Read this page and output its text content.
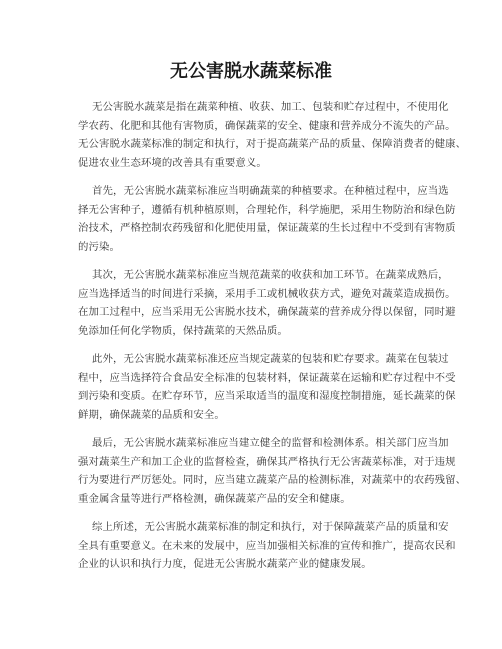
无公害脱水蔬菜标准

无公害脱水蔬菜是指在蔬菜种植、收获、加工、包装和贮存过程中，不使用化
学农药、化肥和其他有害物质，确保蔬菜的安全、健康和营养成分不流失的产品。
无公害脱水蔬菜标准的制定和执行，对于提高蔬菜产品的质量、保障消费者的健康、
促进农业生态环境的改善具有重要意义。

首先，无公害脱水蔬菜标准应当明确蔬菜的种植要求。在种植过程中，应当选
择无公害种子，遵循有机种植原则，合理轮作，科学施肥，采用生物防治和绿色防
治技术，严格控制农药残留和化肥使用量，保证蔬菜的生长过程中不受到有害物质
的污染。

其次，无公害脱水蔬菜标准应当规范蔬菜的收获和加工环节。在蔬菜成熟后，
应当选择适当的时间进行采摘，采用手工或机械收获方式，避免对蔬菜造成损伤。
在加工过程中，应当采用无公害脱水技术，确保蔬菜的营养成分得以保留，同时避
免添加任何化学物质，保持蔬菜的天然品质。

此外，无公害脱水蔬菜标准还应当规定蔬菜的包装和贮存要求。蔬菜在包装过
程中，应当选择符合食品安全标准的包装材料，保证蔬菜在运输和贮存过程中不受
到污染和变质。在贮存环节，应当采取适当的温度和湿度控制措施，延长蔬菜的保
鲜期，确保蔬菜的品质和安全。

最后，无公害脱水蔬菜标准应当建立健全的监督和检测体系。相关部门应当加
强对蔬菜生产和加工企业的监督检查，确保其严格执行无公害蔬菜标准，对于违规
行为要进行严厉惩处。同时，应当建立蔬菜产品的检测标准，对蔬菜中的农药残留、
重金属含量等进行严格检测，确保蔬菜产品的安全和健康。

综上所述，无公害脱水蔬菜标准的制定和执行，对于保障蔬菜产品的质量和安
全具有重要意义。在未来的发展中，应当加强相关标准的宣传和推广，提高农民和
企业的认识和执行力度，促进无公害脱水蔬菜产业的健康发展。
